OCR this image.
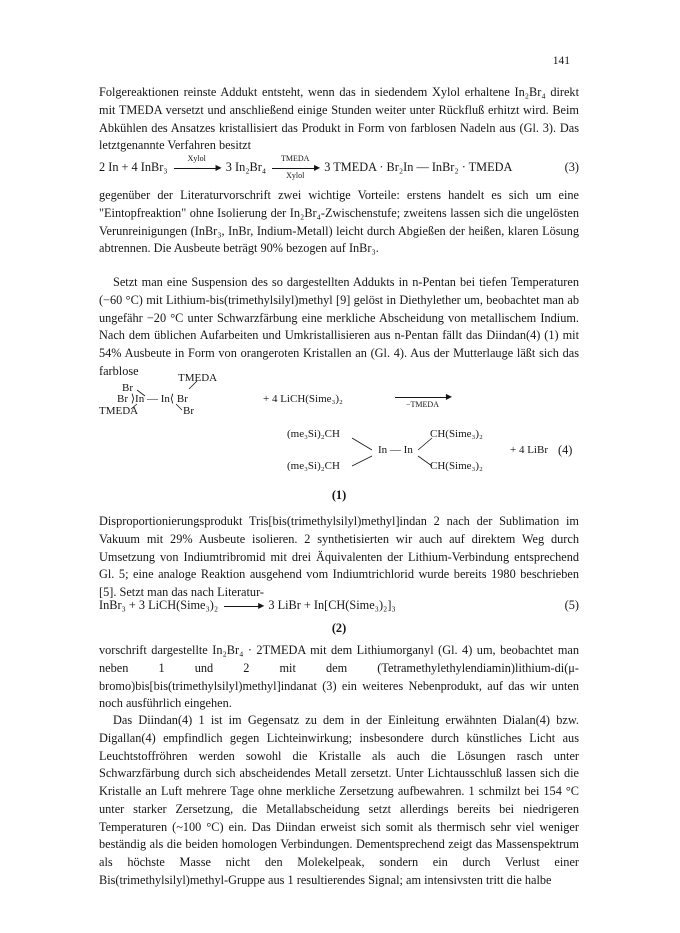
141

Folgereaktionen reinste Addukt entsteht, wenn das in siedendem Xylol erhaltene In₂Br₄ direkt mit TMEDA versetzt und anschließend einige Stunden weiter unter Rückfluß erhitzt wird. Beim Abkühlen des Ansatzes kristallisiert das Produkt in Form von farblosen Nadeln aus (Gl. 3). Das letztgenannte Verfahren besitzt

2 In + 4 InBr₃
Xylol
▶ 3 In₂Br₄
TMEDA
▶
Xylol
3 TMEDA · Br₂In — InBr₂ · TMEDA	(3)

gegenüber der Literaturvorschrift zwei wichtige Vorteile: erstens handelt es sich um eine "Eintopfreaktion" ohne Isolierung der In₂Br₄-Zwischenstufe; zweitens lassen sich die ungelösten Verunreinigungen (InBr₃, InBr, Indium-Metall) leicht durch Abgießen der heißen, klaren Lösung abtrennen. Die Ausbeute beträgt 90% bezogen auf InBr₃.

Setzt man eine Suspension des so dargestellten Addukts in n-Pentan bei tiefen Temperaturen (−60 °C) mit Lithium-bis(trimethylsilyl)methyl [9] gelöst in Diethylether um, beobachtet man ab ungefähr −20 °C unter Schwarzfärbung eine merkliche Abscheidung von metallischem Indium. Nach dem üblichen Aufarbeiten und Umkristallisieren aus n-Pentan fällt das Diindan(4) (1) mit 54% Ausbeute in Form von orangeroten Kristallen an (Gl. 4). Aus der Mutterlauge läßt sich das farblose

Br
TMEDA
Br ⟩In — In⟨ Br
TMEDA	Br
+ 4 LiCH(Sime₃)₂	▶
−TMEDA
(me₃Si)₂CH	CH(Sime₃)₂
In — In
(me₃Si)₂CH	CH(Sime₃)₂
+ 4 LiBr (4)
(1)

Disproportionierungsprodukt Tris[bis(trimethylsilyl)methyl]indan 2 nach der Sublimation im Vakuum mit 29% Ausbeute isolieren. 2 synthetisierten wir auch auf direktem Weg durch Umsetzung von Indiumtribromid mit drei Äquivalenten der Lithium-Verbindung entsprechend Gl. 5; eine analoge Reaktion ausgehend vom Indiumtrichlorid wurde bereits 1980 beschrieben [5]. Setzt man das nach Literatur-

InBr₃ + 3 LiCH(Sime₃)₂	▶ 3 LiBr + In[CH(Sime₃)₂]₃	(5)
(2)

vorschrift dargestellte In₂Br₄ · 2TMEDA mit dem Lithiumorganyl (Gl. 4) um, beobachtet man neben 1 und 2 mit dem (Tetramethylethylendiamin)lithium-di(μ-bromo)bis[bis(trimethylsilyl)methyl]indanat (3) ein weiteres Nebenprodukt, auf das wir unten noch ausführlich eingehen.

Das Diindan(4) 1 ist im Gegensatz zu dem in der Einleitung erwähnten Dialan(4) bzw. Digallan(4) empfindlich gegen Lichteinwirkung; insbesondere durch künstliches Licht aus Leuchtstoffröhren werden sowohl die Kristalle als auch die Lösungen rasch unter Schwarzfärbung durch sich abscheidendes Metall zersetzt. Unter Lichtausschluß lassen sich die Kristalle an Luft mehrere Tage ohne merkliche Zersetzung aufbewahren. 1 schmilzt bei 154 °C unter starker Zersetzung, die Metallabscheidung setzt allerdings bereits bei niedrigeren Temperaturen (~100 °C) ein. Das Diindan erweist sich somit als thermisch sehr viel weniger beständig als die beiden homologen Verbindungen. Dementsprechend zeigt das Massenspektrum als höchste Masse nicht den Molekelpeak, sondern ein durch Verlust einer Bis(trimethylsilyl)methyl-Gruppe aus 1 resultierendes Signal; am intensivsten tritt die halbe
